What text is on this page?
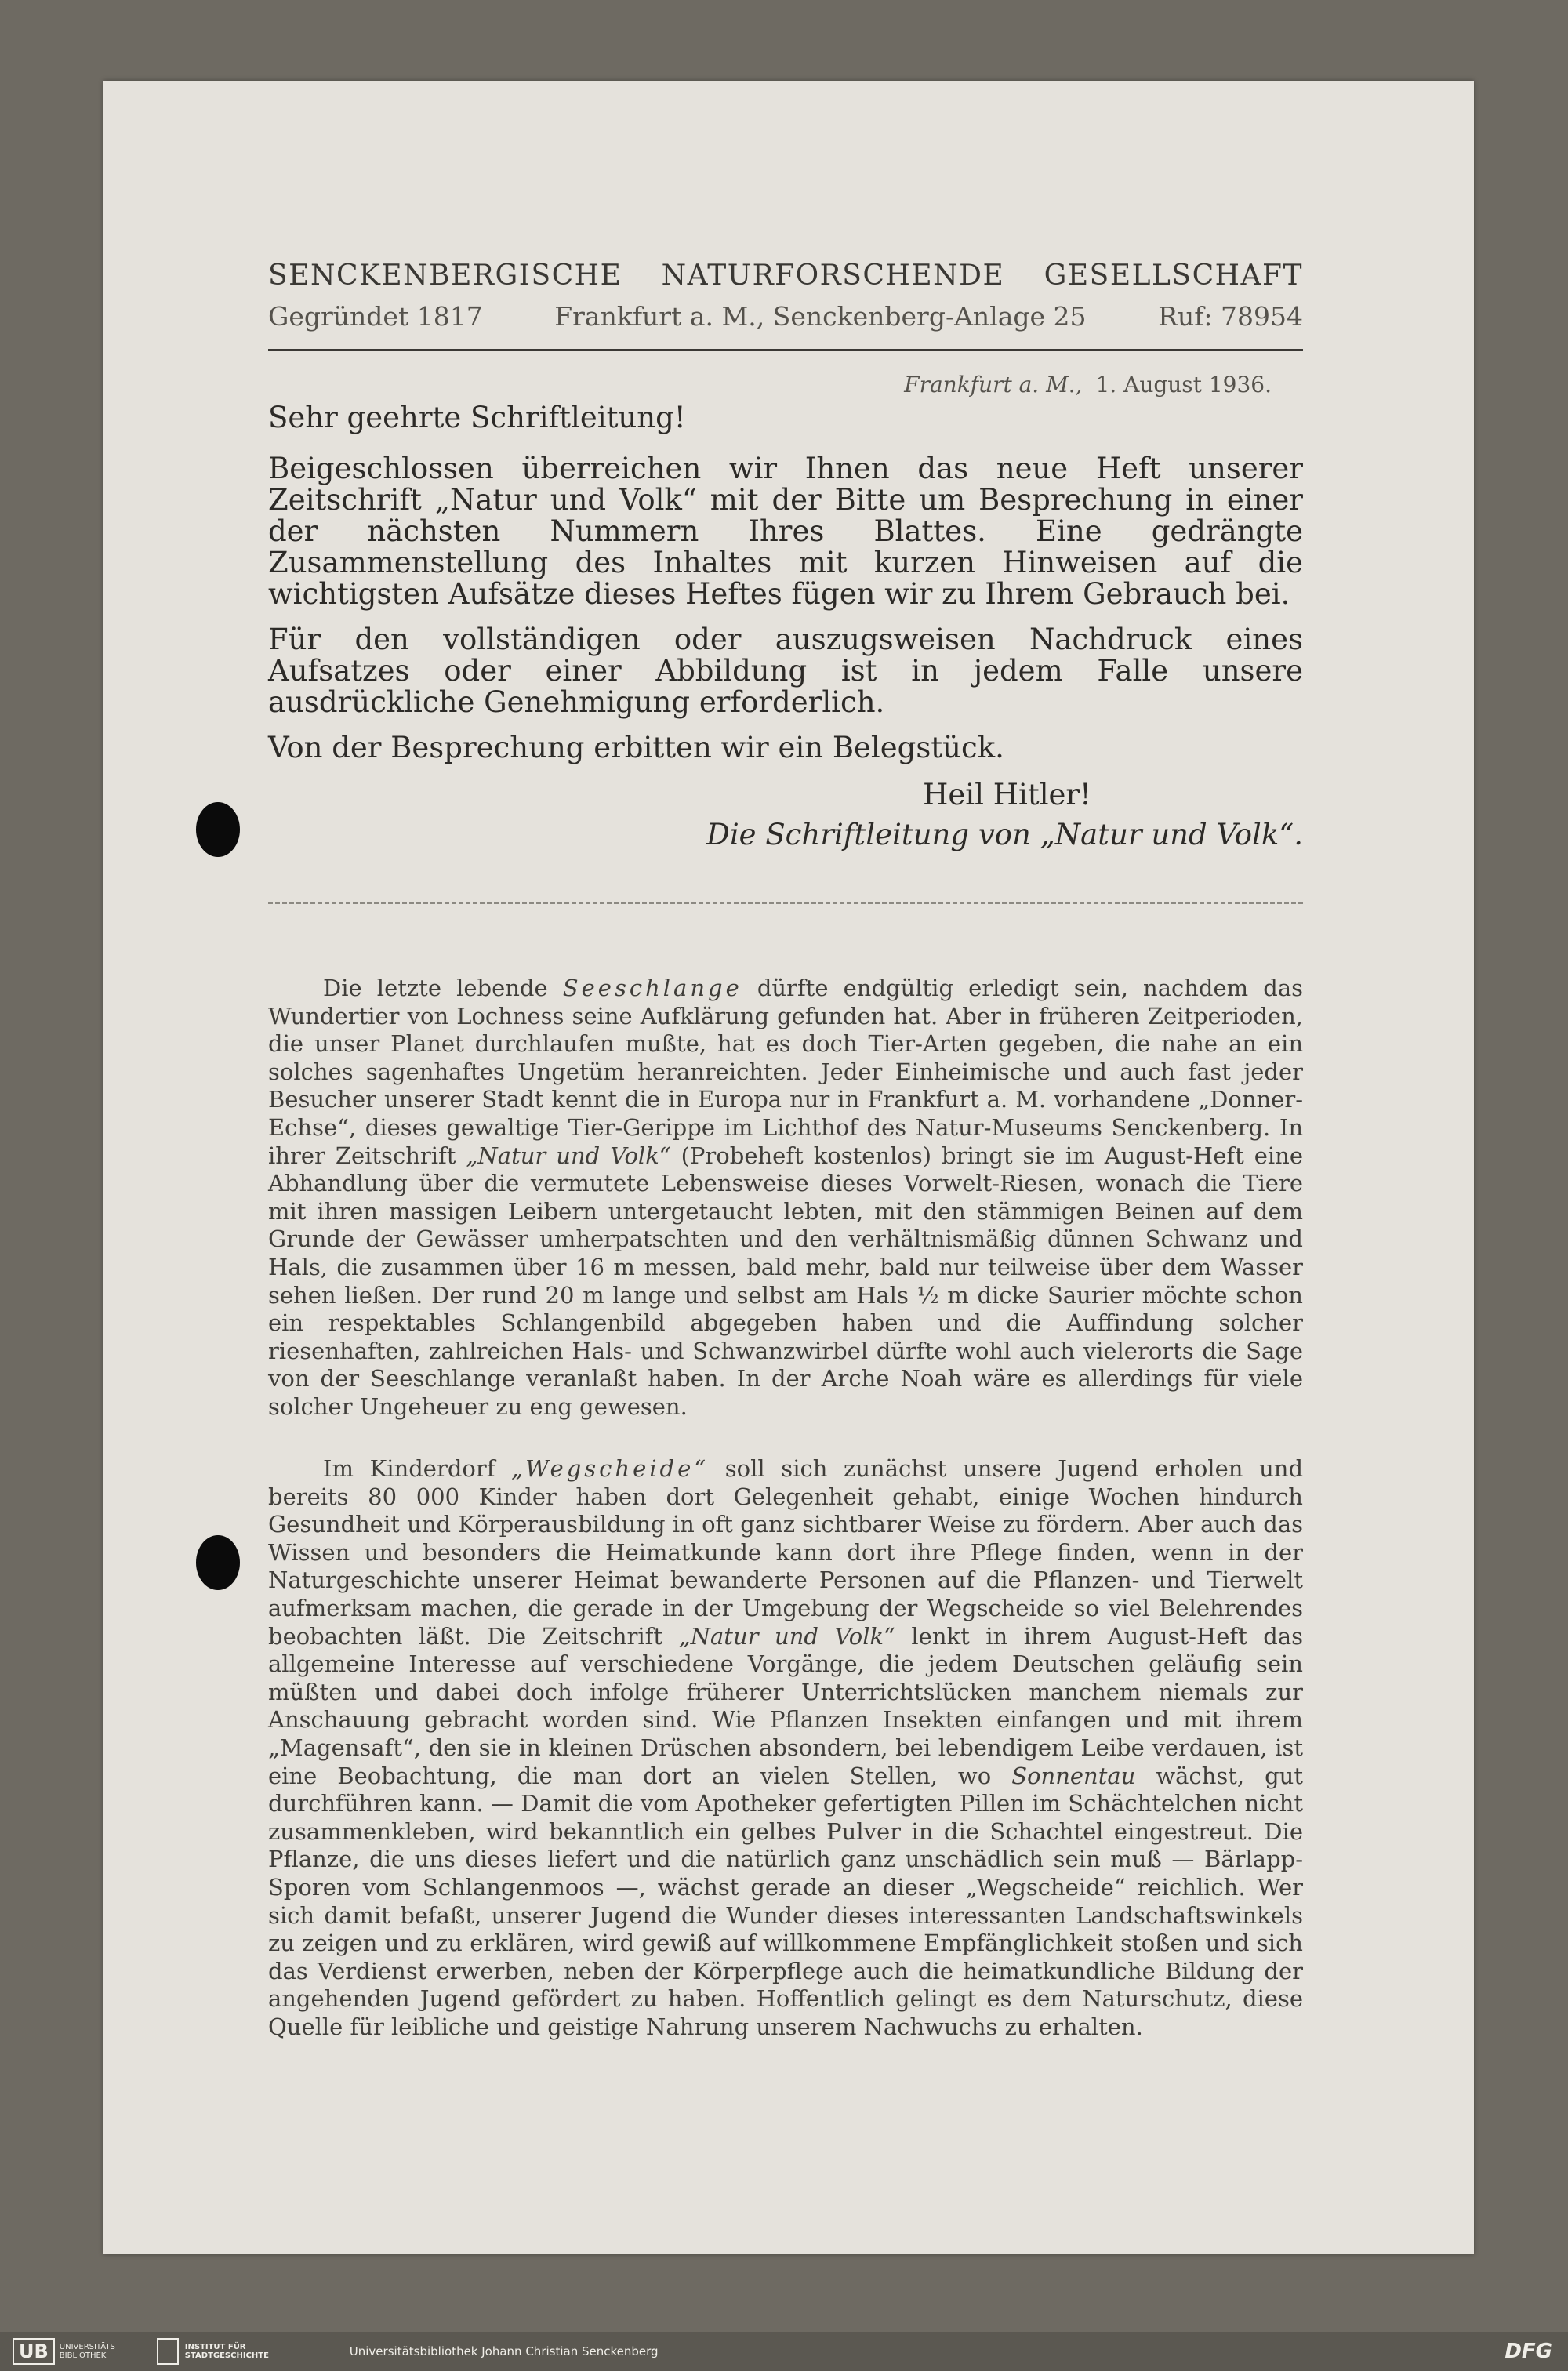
SENCKENBERGISCHE NATURFORSCHENDE GESELLSCHAFT
Gegründet 1817	Frankfurt a. M., Senckenberg-Anlage 25	Ruf: 78954
Frankfurt a. M., 1. August 1936.
Sehr geehrte Schriftleitung!

Beigeschlossen überreichen wir Ihnen das neue Heft unserer Zeitschrift „Natur und Volk“ mit der Bitte um Besprechung in einer der nächsten Nummern Ihres Blattes. Eine gedrängte Zusammenstellung des Inhaltes mit kurzen Hinweisen auf die wichtigsten Aufsätze dieses Heftes fügen wir zu Ihrem Gebrauch bei.

Für den vollständigen oder auszugsweisen Nachdruck eines Aufsatzes oder einer Abbildung ist in jedem Falle unsere ausdrückliche Genehmigung erforderlich.

Von der Besprechung erbitten wir ein Belegstück.

Heil Hitler!
Die Schriftleitung von „Natur und Volk“.

Die letzte lebende Seeschlange dürfte endgültig erledigt sein, nachdem das Wundertier von Lochness seine Aufklärung gefunden hat. Aber in früheren Zeitperioden, die unser Planet durchlaufen mußte, hat es doch Tier-Arten gegeben, die nahe an ein solches sagenhaftes Ungetüm heranreichten. Jeder Einheimische und auch fast jeder Besucher unserer Stadt kennt die in Europa nur in Frankfurt a. M. vorhandene „Donner-Echse“, dieses gewaltige Tier-Gerippe im Lichthof des Natur-Museums Senckenberg. In ihrer Zeitschrift „Natur und Volk“ (Probeheft kostenlos) bringt sie im August-Heft eine Abhandlung über die vermutete Lebensweise dieses Vorwelt-Riesen, wonach die Tiere mit ihren massigen Leibern untergetaucht lebten, mit den stämmigen Beinen auf dem Grunde der Gewässer umherpatschten und den verhältnismäßig dünnen Schwanz und Hals, die zusammen über 16 m messen, bald mehr, bald nur teilweise über dem Wasser sehen ließen. Der rund 20 m lange und selbst am Hals ½ m dicke Saurier möchte schon ein respektables Schlangenbild abgegeben haben und die Auffindung solcher riesenhaften, zahlreichen Hals- und Schwanzwirbel dürfte wohl auch vielerorts die Sage von der Seeschlange veranlaßt haben. In der Arche Noah wäre es allerdings für viele solcher Ungeheuer zu eng gewesen.

Im Kinderdorf „Wegscheide“ soll sich zunächst unsere Jugend erholen und bereits 80 000 Kinder haben dort Gelegenheit gehabt, einige Wochen hindurch Gesundheit und Körperausbildung in oft ganz sichtbarer Weise zu fördern. Aber auch das Wissen und besonders die Heimatkunde kann dort ihre Pflege finden, wenn in der Naturgeschichte unserer Heimat bewanderte Personen auf die Pflanzen- und Tierwelt aufmerksam machen, die gerade in der Umgebung der Wegscheide so viel Belehrendes beobachten läßt. Die Zeitschrift „Natur und Volk“ lenkt in ihrem August-Heft das allgemeine Interesse auf verschiedene Vorgänge, die jedem Deutschen geläufig sein müßten und dabei doch infolge früherer Unterrichtslücken manchem niemals zur Anschauung gebracht worden sind. Wie Pflanzen Insekten einfangen und mit ihrem „Magensaft“, den sie in kleinen Drüschen absondern, bei lebendigem Leibe verdauen, ist eine Beobachtung, die man dort an vielen Stellen, wo Sonnentau wächst, gut durchführen kann. — Damit die vom Apotheker gefertigten Pillen im Schächtelchen nicht zusammenkleben, wird bekanntlich ein gelbes Pulver in die Schachtel eingestreut. Die Pflanze, die uns dieses liefert und die natürlich ganz unschädlich sein muß — Bärlapp-Sporen vom Schlangenmoos —, wächst gerade an dieser „Wegscheide“ reichlich. Wer sich damit befaßt, unserer Jugend die Wunder dieses interessanten Landschaftswinkels zu zeigen und zu erklären, wird gewiß auf willkommene Empfänglichkeit stoßen und sich das Verdienst erwerben, neben der Körperpflege auch die heimatkundliche Bildung der angehenden Jugend gefördert zu haben. Hoffentlich gelingt es dem Naturschutz, diese Quelle für leibliche und geistige Nahrung unserem Nachwuchs zu erhalten.

UB	UNIVERSITÄTS BIBLIOTHEK
INSTITUT FÜR STADTGESCHICHTE	Universitätsbibliothek Johann Christian Senckenberg	DFG
